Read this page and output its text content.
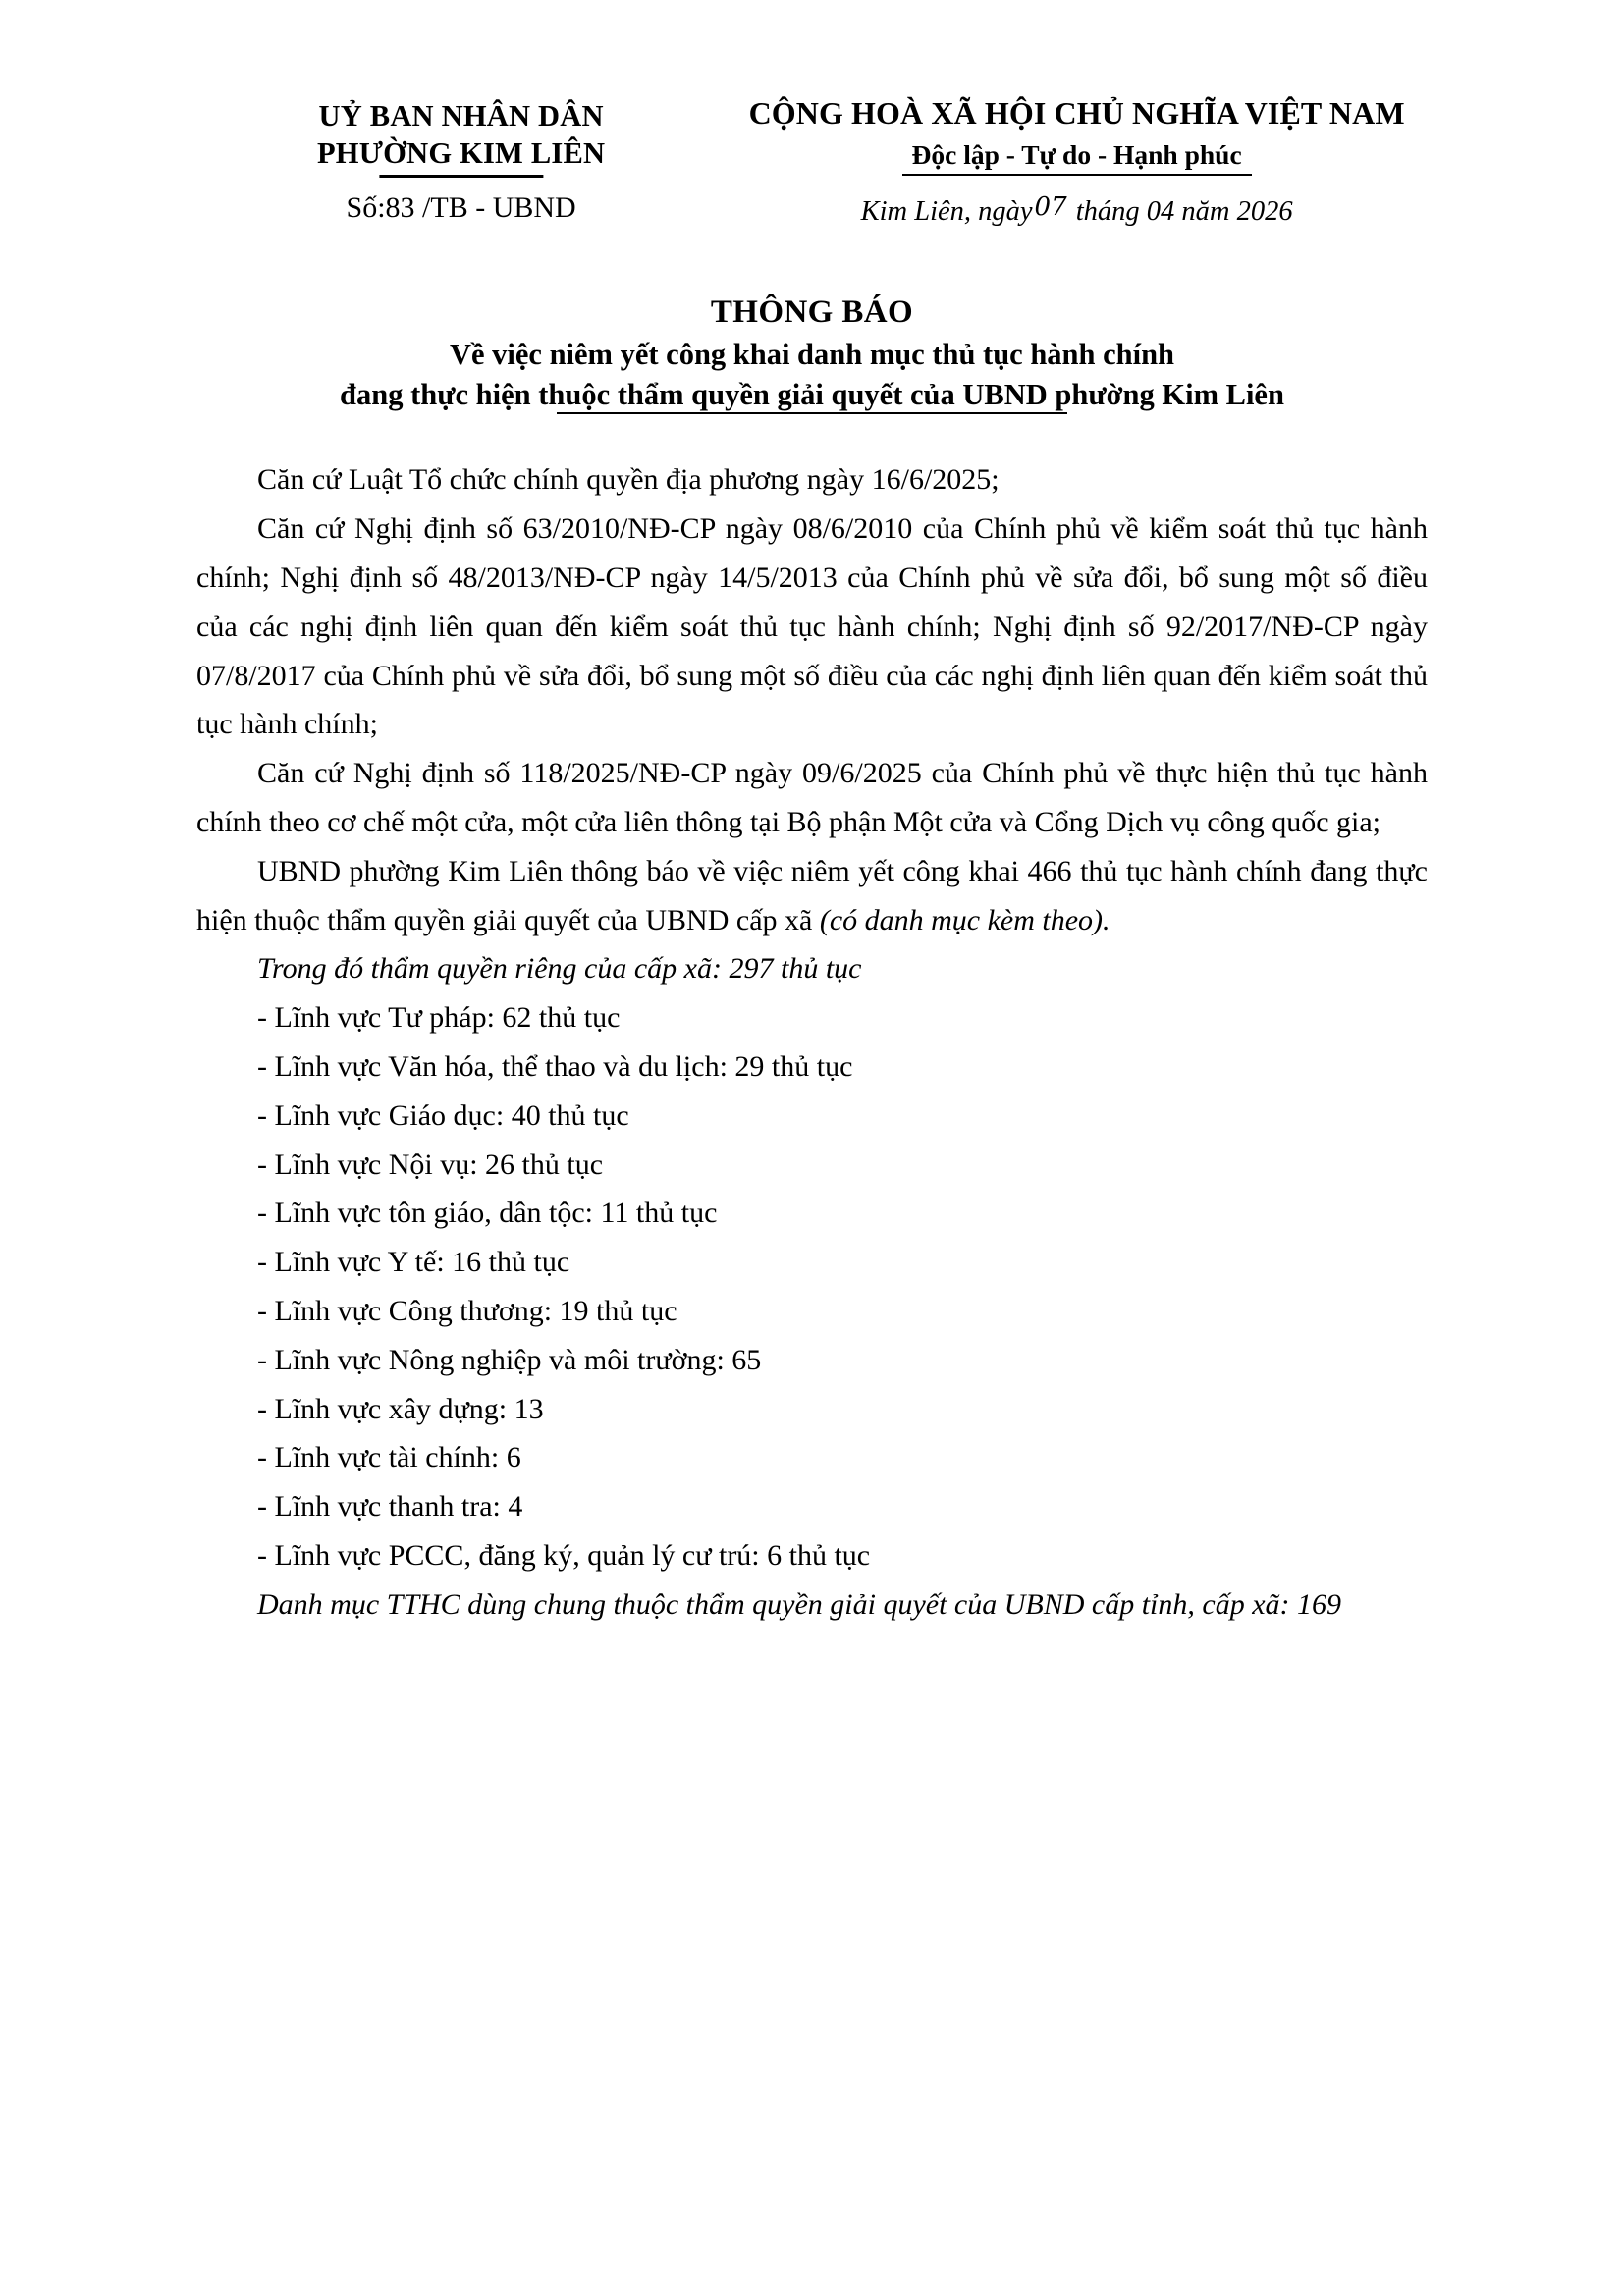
UỶ BAN NHÂN DÂN
PHƯỜNG KIM LIÊN
Số:83 /TB - UBND
CỘNG HOÀ XÃ HỘI CHỦ NGHĨA VIỆT NAM
Độc lập - Tự do - Hạnh phúc
Kim Liên, ngày07 tháng 04 năm 2026
THÔNG BÁO
Về việc niêm yết công khai danh mục thủ tục hành chính
đang thực hiện thuộc thẩm quyền giải quyết của UBND phường Kim Liên

Căn cứ Luật Tổ chức chính quyền địa phương ngày 16/6/2025;

Căn cứ Nghị định số 63/2010/NĐ-CP ngày 08/6/2010 của Chính phủ về kiểm soát thủ tục hành chính; Nghị định số 48/2013/NĐ-CP ngày 14/5/2013 của Chính phủ về sửa đổi, bổ sung một số điều của các nghị định liên quan đến kiểm soát thủ tục hành chính; Nghị định số 92/2017/NĐ-CP ngày 07/8/2017 của Chính phủ về sửa đổi, bổ sung một số điều của các nghị định liên quan đến kiểm soát thủ tục hành chính;

Căn cứ Nghị định số 118/2025/NĐ-CP ngày 09/6/2025 của Chính phủ về thực hiện thủ tục hành chính theo cơ chế một cửa, một cửa liên thông tại Bộ phận Một cửa và Cổng Dịch vụ công quốc gia;

UBND phường Kim Liên thông báo về việc niêm yết công khai 466 thủ tục hành chính đang thực hiện thuộc thẩm quyền giải quyết của UBND cấp xã (có danh mục kèm theo).

Trong đó thẩm quyền riêng của cấp xã: 297 thủ tục

- Lĩnh vực Tư pháp: 62 thủ tục
- Lĩnh vực Văn hóa, thể thao và du lịch: 29 thủ tục
- Lĩnh vực Giáo dục: 40 thủ tục
- Lĩnh vực Nội vụ: 26 thủ tục
- Lĩnh vực tôn giáo, dân tộc: 11 thủ tục
- Lĩnh vực Y tế: 16 thủ tục
- Lĩnh vực Công thương: 19 thủ tục
- Lĩnh vực Nông nghiệp và môi trường: 65
- Lĩnh vực xây dựng: 13
- Lĩnh vực tài chính: 6
- Lĩnh vực thanh tra: 4
- Lĩnh vực PCCC, đăng ký, quản lý cư trú: 6 thủ tục

Danh mục TTHC dùng chung thuộc thẩm quyền giải quyết của UBND cấp tỉnh, cấp xã: 169
